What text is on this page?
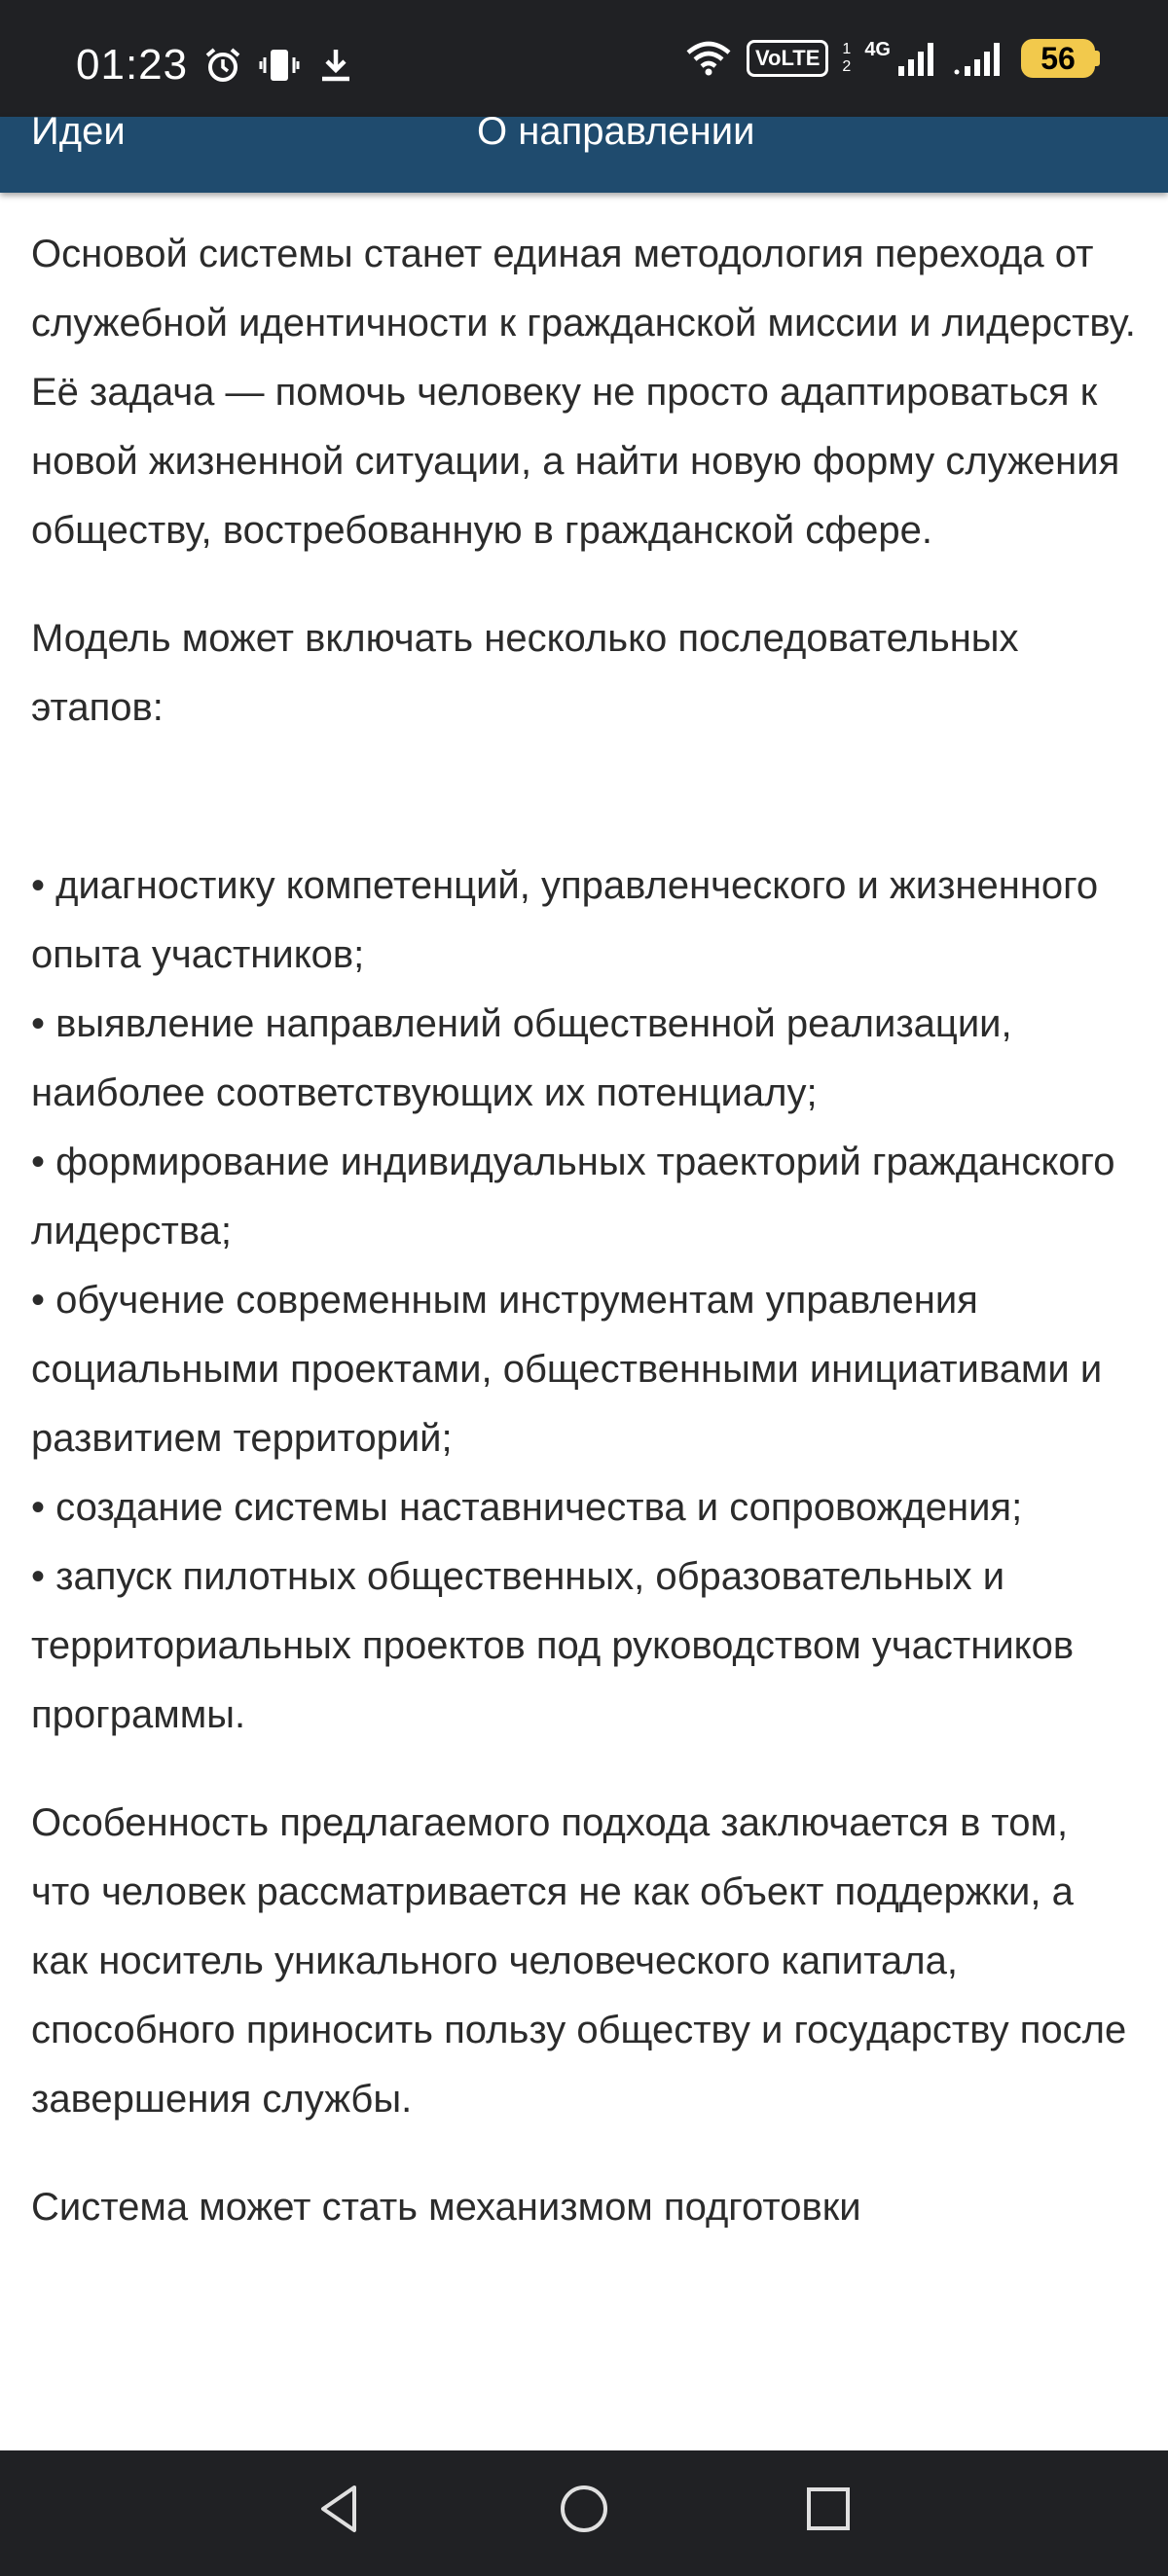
01:23	VoLTE	1
2
4G	56
Идеи	О направлении

Основой системы станет единая методология перехода от служебной идентичности к гражданской миссии и лидерству. Её задача — помочь человеку не просто адаптироваться к новой жизненной ситуации, а найти новую форму служения обществу, востребованную в гражданской сфере.

Модель может включать несколько последовательных этапов:

• диагностику компетенций, управленческого и жизненного опыта участников;
• выявление направлений общественной реализации, наиболее соответствующих их потенциалу;
• формирование индивидуальных траекторий гражданского лидерства;
• обучение современным инструментам управления социальными проектами, общественными инициативами и развитием территорий;
• создание системы наставничества и сопровождения;
• запуск пилотных общественных, образовательных и территориальных проектов под руководством участников программы.

Особенность предлагаемого подхода заключается в том, что человек рассматривается не как объект поддержки, а как носитель уникального человеческого капитала, способного приносить пользу обществу и государству после завершения службы.

Система может стать механизмом подготовки
